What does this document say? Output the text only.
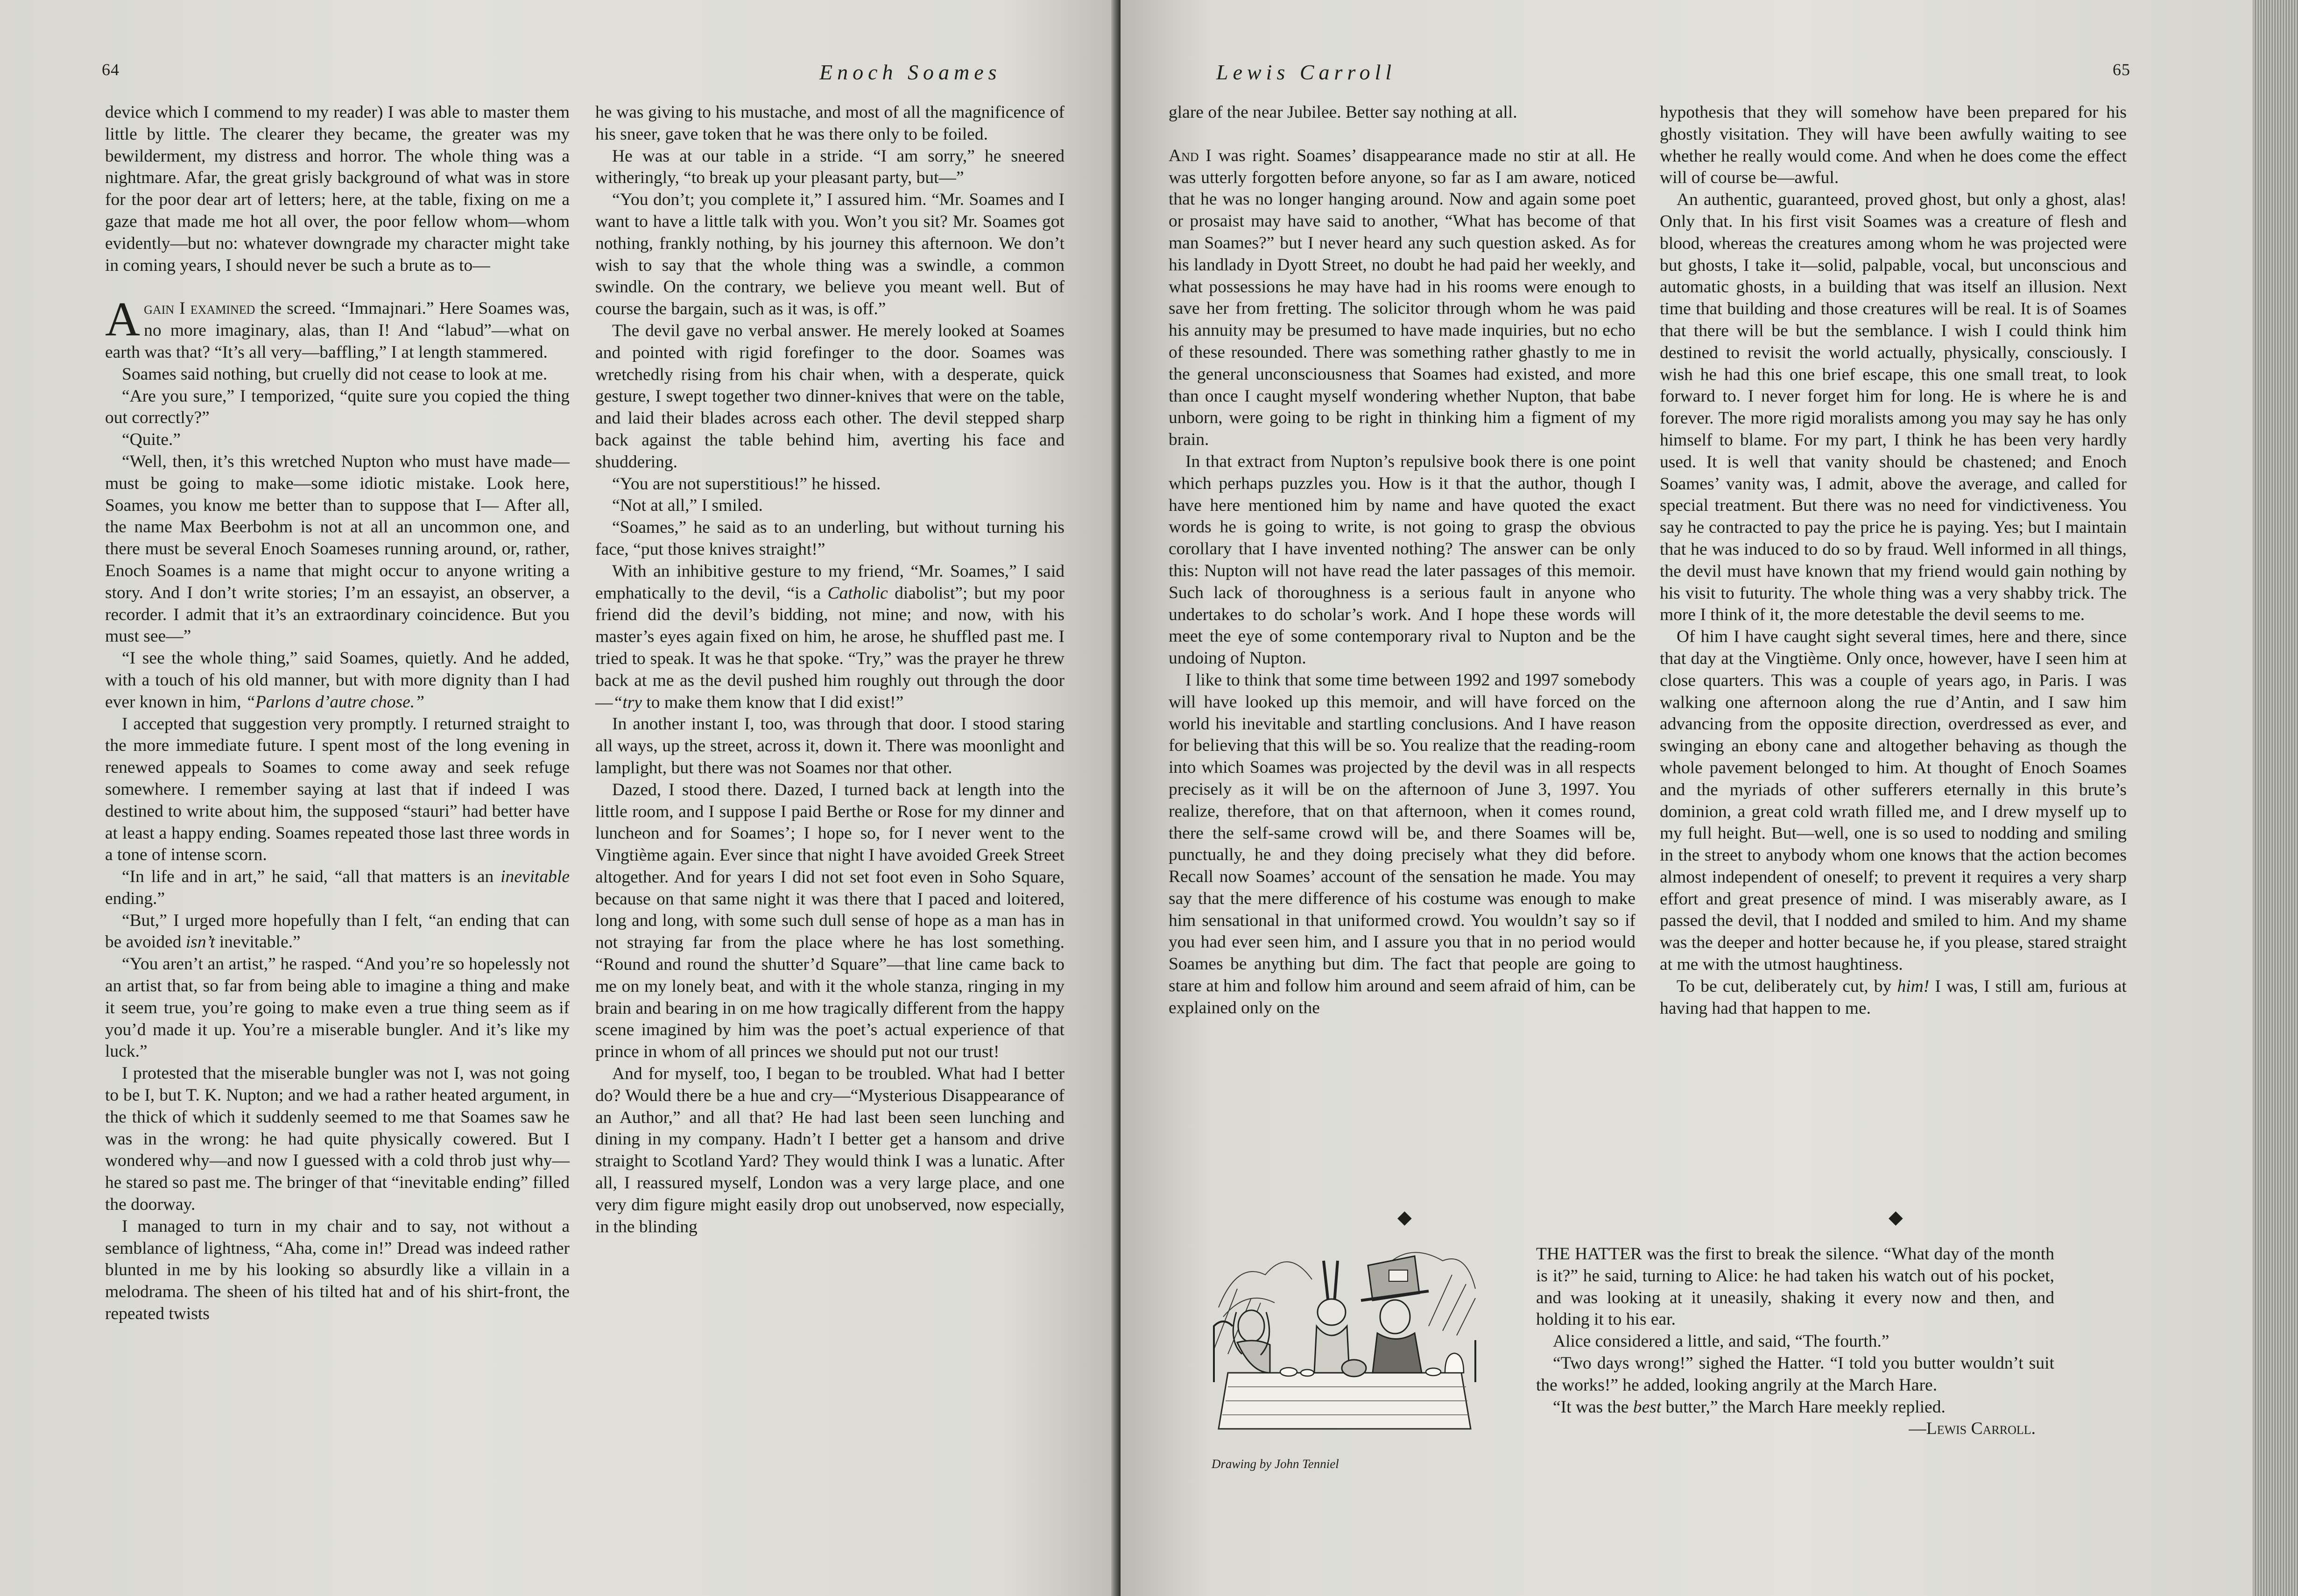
64	Enoch Soames

device which I commend to my reader) I was able to master them little by little. The clearer they became, the greater was my bewilderment, my distress and horror. The whole thing was a nightmare. Afar, the great grisly background of what was in store for the poor dear art of letters; here, at the table, fixing on me a gaze that made me hot all over, the poor fellow whom—whom evidently—but no: whatever downgrade my character might take in coming years, I should never be such a brute as to—

Again I examined the screed. “Immajnari.” Here Soames was, no more imaginary, alas, than I! And “labud”—what on earth was that? “It’s all very—baffling,” I at length stammered.

Soames said nothing, but cruelly did not cease to look at me.

“Are you sure,” I temporized, “quite sure you copied the thing out correctly?”

“Quite.”

“Well, then, it’s this wretched Nupton who must have made—must be going to make—some idiotic mistake. Look here, Soames, you know me better than to suppose that I— After all, the name Max Beerbohm is not at all an uncommon one, and there must be several Enoch Soameses running around, or, rather, Enoch Soames is a name that might occur to anyone writing a story. And I don’t write stories; I’m an essayist, an observer, a recorder. I admit that it’s an extraordinary coincidence. But you must see—”

“I see the whole thing,” said Soames, quietly. And he added, with a touch of his old manner, but with more dignity than I had ever known in him, “Parlons d’autre chose.”

I accepted that suggestion very promptly. I returned straight to the more immediate future. I spent most of the long evening in renewed appeals to Soames to come away and seek refuge somewhere. I remember saying at last that if indeed I was destined to write about him, the supposed “stauri” had better have at least a happy ending. Soames repeated those last three words in a tone of intense scorn.

“In life and in art,” he said, “all that matters is an inevitable ending.”

“But,” I urged more hopefully than I felt, “an ending that can be avoided isn’t inevitable.”

“You aren’t an artist,” he rasped. “And you’re so hopelessly not an artist that, so far from being able to imagine a thing and make it seem true, you’re going to make even a true thing seem as if you’d made it up. You’re a miserable bungler. And it’s like my luck.”

I protested that the miserable bungler was not I, was not going to be I, but T. K. Nupton; and we had a rather heated argument, in the thick of which it suddenly seemed to me that Soames saw he was in the wrong: he had quite physically cowered. But I wondered why—and now I guessed with a cold throb just why—he stared so past me. The bringer of that “inevitable ending” filled the doorway.

I managed to turn in my chair and to say, not without a semblance of lightness, “Aha, come in!” Dread was indeed rather blunted in me by his looking so absurdly like a villain in a melodrama. The sheen of his tilted hat and of his shirt-front, the repeated twists

he was giving to his mustache, and most of all the magnificence of his sneer, gave token that he was there only to be foiled.

He was at our table in a stride. “I am sorry,” he sneered witheringly, “to break up your pleasant party, but—”

“You don’t; you complete it,” I assured him. “Mr. Soames and I want to have a little talk with you. Won’t you sit? Mr. Soames got nothing, frankly nothing, by his journey this afternoon. We don’t wish to say that the whole thing was a swindle, a common swindle. On the contrary, we believe you meant well. But of course the bargain, such as it was, is off.”

The devil gave no verbal answer. He merely looked at Soames and pointed with rigid forefinger to the door. Soames was wretchedly rising from his chair when, with a desperate, quick gesture, I swept together two dinner-knives that were on the table, and laid their blades across each other. The devil stepped sharp back against the table behind him, averting his face and shuddering.

“You are not superstitious!” he hissed.

“Not at all,” I smiled.

“Soames,” he said as to an underling, but without turning his face, “put those knives straight!”

With an inhibitive gesture to my friend, “Mr. Soames,” I said emphatically to the devil, “is a Catholic diabolist”; but my poor friend did the devil’s bidding, not mine; and now, with his master’s eyes again fixed on him, he arose, he shuffled past me. I tried to speak. It was he that spoke. “Try,” was the prayer he threw back at me as the devil pushed him roughly out through the door—“try to make them know that I did exist!”

In another instant I, too, was through that door. I stood staring all ways, up the street, across it, down it. There was moonlight and lamplight, but there was not Soames nor that other.

Dazed, I stood there. Dazed, I turned back at length into the little room, and I suppose I paid Berthe or Rose for my dinner and luncheon and for Soames’; I hope so, for I never went to the Vingtième again. Ever since that night I have avoided Greek Street altogether. And for years I did not set foot even in Soho Square, because on that same night it was there that I paced and loitered, long and long, with some such dull sense of hope as a man has in not straying far from the place where he has lost something. “Round and round the shutter’d Square”—that line came back to me on my lonely beat, and with it the whole stanza, ringing in my brain and bearing in on me how tragically different from the happy scene imagined by him was the poet’s actual experience of that prince in whom of all princes we should put not our trust!

And for myself, too, I began to be troubled. What had I better do? Would there be a hue and cry—“Mysterious Disappearance of an Author,” and all that? He had last been seen lunching and dining in my company. Hadn’t I better get a hansom and drive straight to Scotland Yard? They would think I was a lunatic. After all, I reassured myself, London was a very large place, and one very dim figure might easily drop out unobserved, now especially, in the blinding

Lewis Carroll	65

glare of the near Jubilee. Better say nothing at all.

And I was right. Soames’ disappearance made no stir at all. He was utterly forgotten before anyone, so far as I am aware, noticed that he was no longer hanging around. Now and again some poet or prosaist may have said to another, “What has become of that man Soames?” but I never heard any such question asked. As for his landlady in Dyott Street, no doubt he had paid her weekly, and what possessions he may have had in his rooms were enough to save her from fretting. The solicitor through whom he was paid his annuity may be presumed to have made inquiries, but no echo of these resounded. There was something rather ghastly to me in the general unconsciousness that Soames had existed, and more than once I caught myself wondering whether Nupton, that babe unborn, were going to be right in thinking him a figment of my brain.

In that extract from Nupton’s repulsive book there is one point which perhaps puzzles you. How is it that the author, though I have here mentioned him by name and have quoted the exact words he is going to write, is not going to grasp the obvious corollary that I have invented nothing? The answer can be only this: Nupton will not have read the later passages of this memoir. Such lack of thoroughness is a serious fault in anyone who undertakes to do scholar’s work. And I hope these words will meet the eye of some contemporary rival to Nupton and be the undoing of Nupton.

I like to think that some time between 1992 and 1997 somebody will have looked up this memoir, and will have forced on the world his inevitable and startling conclusions. And I have reason for believing that this will be so. You realize that the reading-room into which Soames was projected by the devil was in all respects precisely as it will be on the afternoon of June 3, 1997. You realize, therefore, that on that afternoon, when it comes round, there the self-same crowd will be, and there Soames will be, punctually, he and they doing precisely what they did before. Recall now Soames’ account of the sensation he made. You may say that the mere difference of his costume was enough to make him sensational in that uniformed crowd. You wouldn’t say so if you had ever seen him, and I assure you that in no period would Soames be anything but dim. The fact that people are going to stare at him and follow him around and seem afraid of him, can be explained only on the

hypothesis that they will somehow have been prepared for his ghostly visitation. They will have been awfully waiting to see whether he really would come. And when he does come the effect will of course be—awful.

An authentic, guaranteed, proved ghost, but only a ghost, alas! Only that. In his first visit Soames was a creature of flesh and blood, whereas the creatures among whom he was projected were but ghosts, I take it—solid, palpable, vocal, but unconscious and automatic ghosts, in a building that was itself an illusion. Next time that building and those creatures will be real. It is of Soames that there will be but the semblance. I wish I could think him destined to revisit the world actually, physically, consciously. I wish he had this one brief escape, this one small treat, to look forward to. I never forget him for long. He is where he is and forever. The more rigid moralists among you may say he has only himself to blame. For my part, I think he has been very hardly used. It is well that vanity should be chastened; and Enoch Soames’ vanity was, I admit, above the average, and called for special treatment. But there was no need for vindictiveness. You say he contracted to pay the price he is paying. Yes; but I maintain that he was induced to do so by fraud. Well informed in all things, the devil must have known that my friend would gain nothing by his visit to futurity. The whole thing was a very shabby trick. The more I think of it, the more detestable the devil seems to me.

Of him I have caught sight several times, here and there, since that day at the Vingtième. Only once, however, have I seen him at close quarters. This was a couple of years ago, in Paris. I was walking one afternoon along the rue d’Antin, and I saw him advancing from the opposite direction, overdressed as ever, and swinging an ebony cane and altogether behaving as though the whole pavement belonged to him. At thought of Enoch Soames and the myriads of other sufferers eternally in this brute’s dominion, a great cold wrath filled me, and I drew myself up to my full height. But—well, one is so used to nodding and smiling in the street to anybody whom one knows that the action becomes almost independent of oneself; to prevent it requires a very sharp effort and great presence of mind. I was miserably aware, as I passed the devil, that I nodded and smiled to him. And my shame was the deeper and hotter because he, if you please, stared straight at me with the utmost haughtiness.

To be cut, deliberately cut, by him! I was, I still am, furious at having had that happen to me.

◆	◆
Drawing by John Tenniel

THE HATTER was the first to break the silence. “What day of the month is it?” he said, turning to Alice: he had taken his watch out of his pocket, and was looking at it uneasily, shaking it every now and then, and holding it to his ear.

Alice considered a little, and said, “The fourth.”

“Two days wrong!” sighed the Hatter. “I told you butter wouldn’t suit the works!” he added, looking angrily at the March Hare.

“It was the best butter,” the March Hare meekly replied.

—Lewis Carroll.
